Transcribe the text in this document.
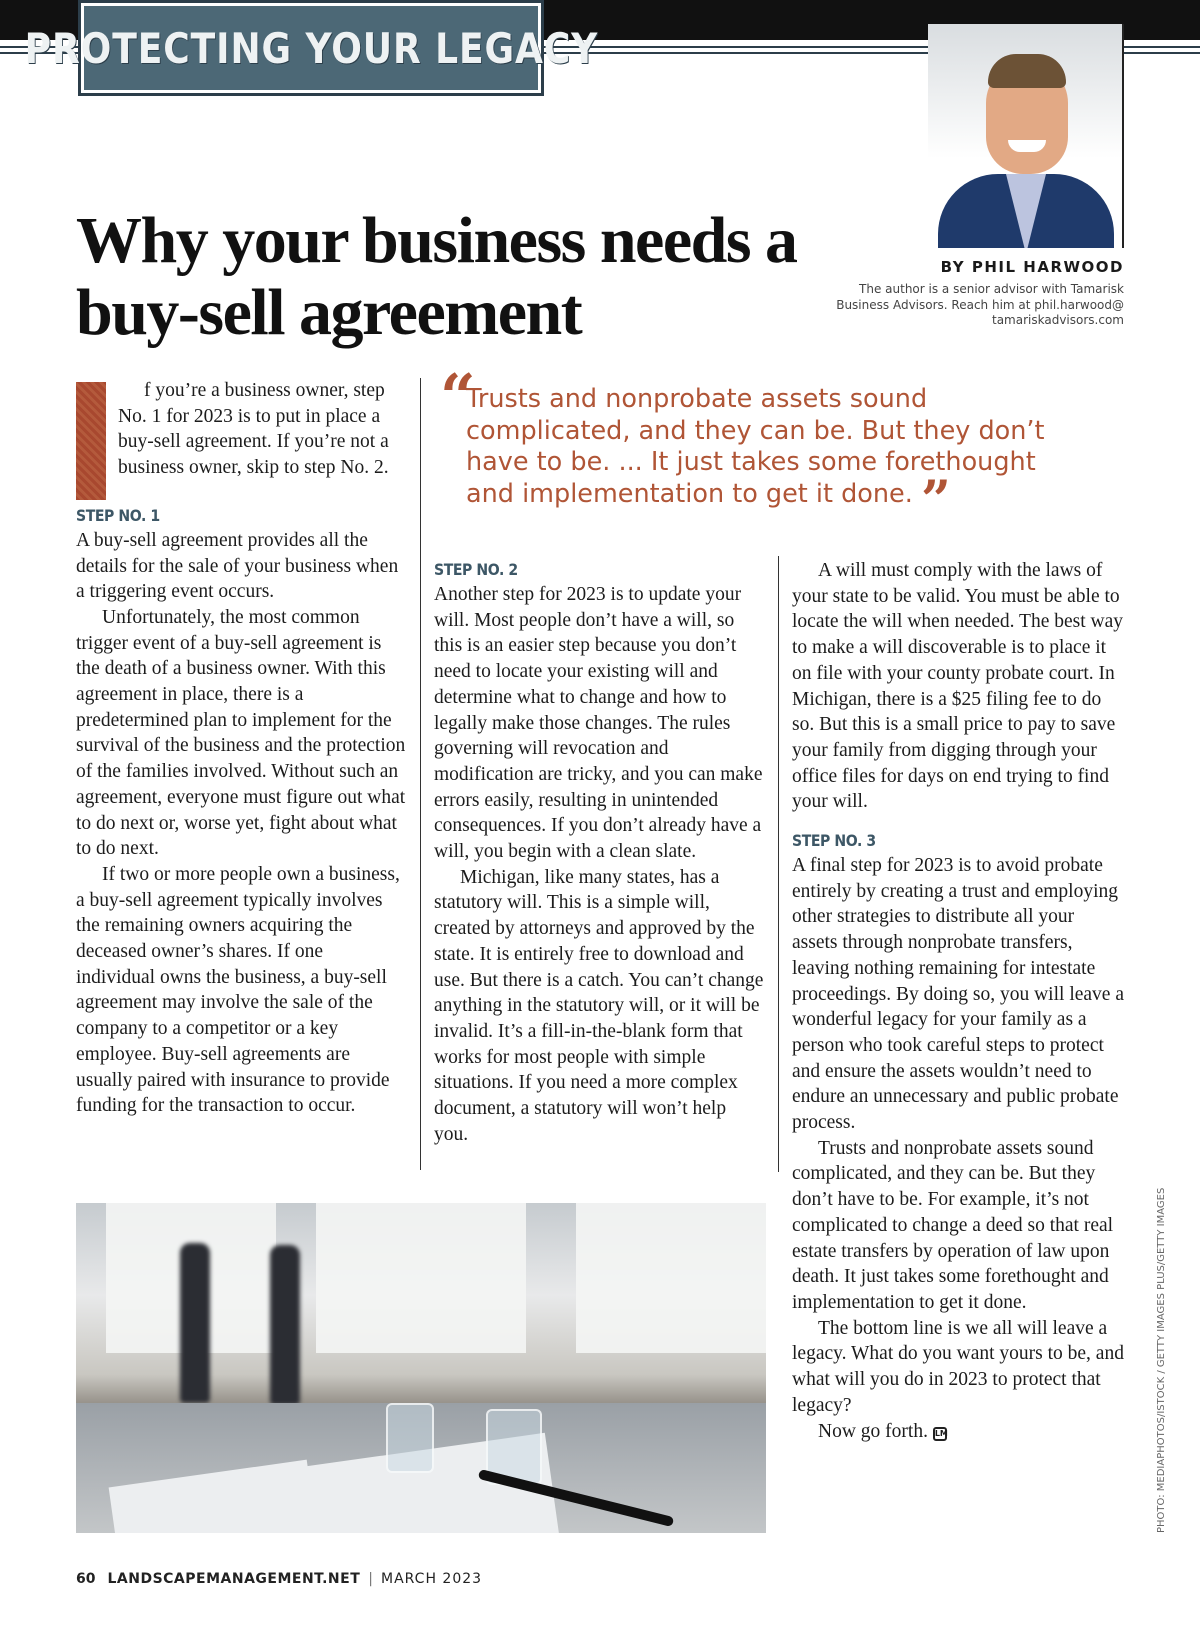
PROTECTING YOUR LEGACY
BY PHIL HARWOOD
The author is a senior advisor with Tamarisk Business Advisors. Reach him at phil.harwood@ tamariskadvisors.com
Why your business needs a buy-sell agreement
“
Trusts and nonprobate assets sound complicated, and they can be. But they don’t have to be. ... It just takes some forethought and implementation to get it done. ”

f you’re a business owner, step No. 1 for 2023 is to put in place a buy-sell agreement. If you’re not a business owner, skip to step No. 2.

STEP NO. 1

A buy-sell agreement provides all the details for the sale of your business when a triggering event occurs.

Unfortunately, the most common trigger event of a buy-sell agreement is the death of a business owner. With this agreement in place, there is a predetermined plan to implement for the survival of the business and the protection of the families involved. Without such an agreement, everyone must figure out what to do next or, worse yet, fight about what to do next.

If two or more people own a business, a buy-sell agreement typically involves the remaining owners acquiring the deceased owner’s shares. If one individual owns the business, a buy-sell agreement may involve the sale of the company to a competitor or a key employee. Buy-sell agreements are usually paired with insurance to provide funding for the transaction to occur.

STEP NO. 2

Another step for 2023 is to update your will. Most people don’t have a will, so this is an easier step because you don’t need to locate your existing will and determine what to change and how to legally make those changes. The rules governing will revocation and modification are tricky, and you can make errors easily, resulting in unintended consequences. If you don’t already have a will, you begin with a clean slate.

Michigan, like many states, has a statutory will. This is a simple will, created by attorneys and approved by the state. It is entirely free to download and use. But there is a catch. You can’t change anything in the statutory will, or it will be invalid. It’s a fill-in-the-blank form that works for most people with simple situations. If you need a more complex document, a statutory will won’t help you.

A will must comply with the laws of your state to be valid. You must be able to locate the will when needed. The best way to make a will discoverable is to place it on file with your county probate court. In Michigan, there is a $25 filing fee to do so. But this is a small price to pay to save your family from digging through your office files for days on end trying to find your will.

STEP NO. 3

A final step for 2023 is to avoid probate entirely by creating a trust and employing other strategies to distribute all your assets through nonprobate transfers, leaving nothing remaining for intestate proceedings. By doing so, you will leave a wonderful legacy for your family as a person who took careful steps to protect and ensure the assets wouldn’t need to endure an unnecessary and public probate process.

Trusts and nonprobate assets sound complicated, and they can be. But they don’t have to be. For example, it’s not complicated to change a deed so that real estate transfers by operation of law upon death. It just takes some forethought and implementation to get it done.

The bottom line is we all will leave a legacy. What do you want yours to be, and what will you do in 2023 to protect that legacy?

Now go forth. LM	PHOTO: MEDIAPHOTOS/ISTOCK / GETTY IMAGES PLUS/GETTY IMAGES
60 LANDSCAPEMANAGEMENT.NET | MARCH 2023
